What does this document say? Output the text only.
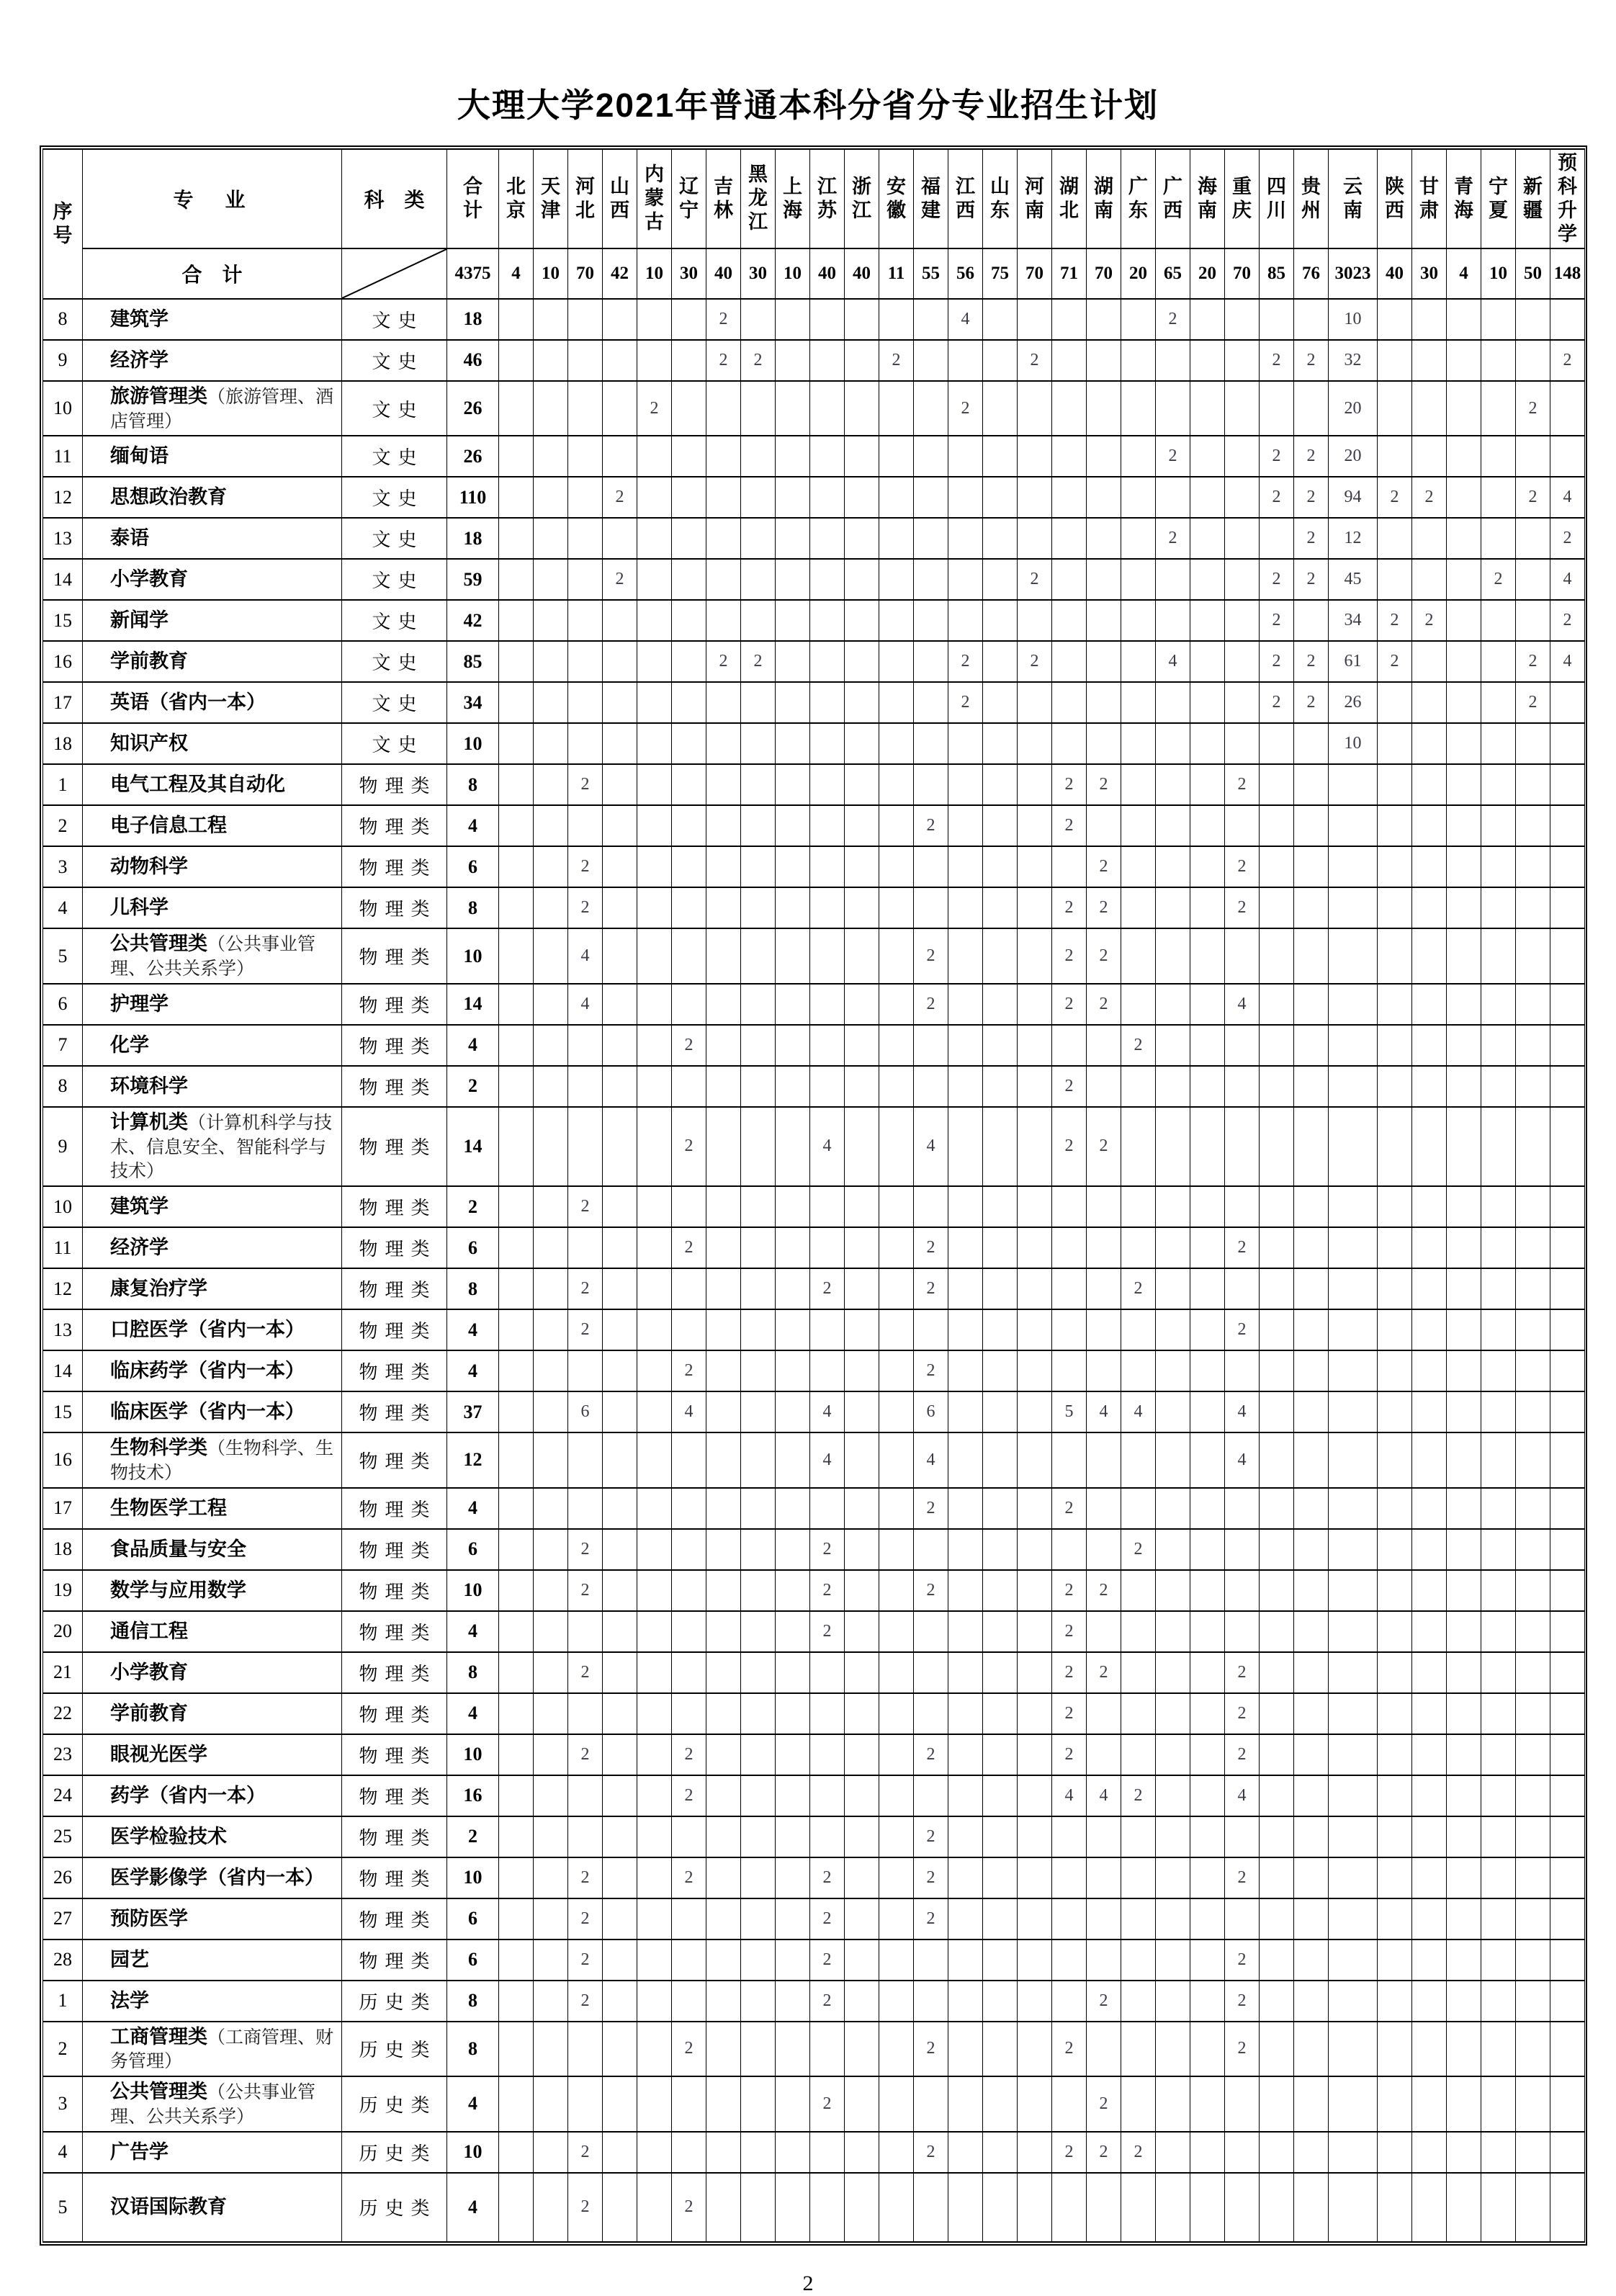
大理大学2021年普通本科分省分专业招生计划
序号	专　业	科　类	合计	北京	天津	河北	山西	内蒙古	辽宁	吉林	黑龙江	上海	江苏	浙江	安徽	福建	江西	山东	河南	湖北	湖南	广东	广西	海南	重庆	四川	贵州	云南	陕西	甘肃	青海	宁夏	新疆	预科升学
	合　计		4375	4	10	70	42	10	30	40	30	10	40	40	11	55	56	75	70	71	70	20	65	20	70	85	76	3023	40	30	4	10	50	148
8	建筑学	文史	18							2							4						2					10						
9	经济学	文史	46							2	2				2				2							2	2	32						2
10	旅游管理类（旅游管理、酒店管理）	文史	26					2									2											20					2	
11	缅甸语	文史	26																				2			2	2	20						
12	思想政治教育	文史	110				2																			2	2	94	2	2			2	4
13	泰语	文史	18																				2				2	12						2
14	小学教育	文史	59				2												2							2	2	45				2		4
15	新闻学	文史	42																							2		34	2	2				2
16	学前教育	文史	85							2	2						2		2				4			2	2	61	2				2	4
17	英语（省内一本）	文史	34														2									2	2	26					2	
18	知识产权	文史	10																									10						
1	电气工程及其自动化	物理类	8			2														2	2				2									
2	电子信息工程	物理类	4													2				2														
3	动物科学	物理类	6			2															2				2									
4	儿科学	物理类	8			2														2	2				2									
5	公共管理类（公共事业管理、公共关系学）	物理类	10			4										2				2	2													
6	护理学	物理类	14			4										2				2	2				4									
7	化学	物理类	4						2													2												
8	环境科学	物理类	2																	2														
9	计算机类（计算机科学与技术、信息安全、智能科学与技术）	物理类	14						2				4			4				2	2													
10	建筑学	物理类	2			2																												
11	经济学	物理类	6						2							2									2									
12	康复治疗学	物理类	8			2							2			2						2												
13	口腔医学（省内一本）	物理类	4			2																			2									
14	临床药学（省内一本）	物理类	4						2							2																		
15	临床医学（省内一本）	物理类	37			6			4				4			6				5	4	4			4									
16	生物科学类（生物科学、生物技术）	物理类	12										4			4									4									
17	生物医学工程	物理类	4													2				2														
18	食品质量与安全	物理类	6			2							2									2												
19	数学与应用数学	物理类	10			2							2			2				2	2													
20	通信工程	物理类	4										2							2														
21	小学教育	物理类	8			2														2	2				2									
22	学前教育	物理类	4																	2					2									
23	眼视光医学	物理类	10			2			2							2				2					2									
24	药学（省内一本）	物理类	16						2											4	4	2			4									
25	医学检验技术	物理类	2													2																		
26	医学影像学（省内一本）	物理类	10			2			2				2			2									2									
27	预防医学	物理类	6			2							2			2																		
28	园艺	物理类	6			2							2												2									
1	法学	历史类	8			2							2								2				2									
2	工商管理类（工商管理、财务管理）	历史类	8						2							2				2					2									
3	公共管理类（公共事业管理、公共关系学）	历史类	4										2								2													
4	广告学	历史类	10			2										2				2	2	2												
5	汉语国际教育	历史类	4			2			2																									
2
